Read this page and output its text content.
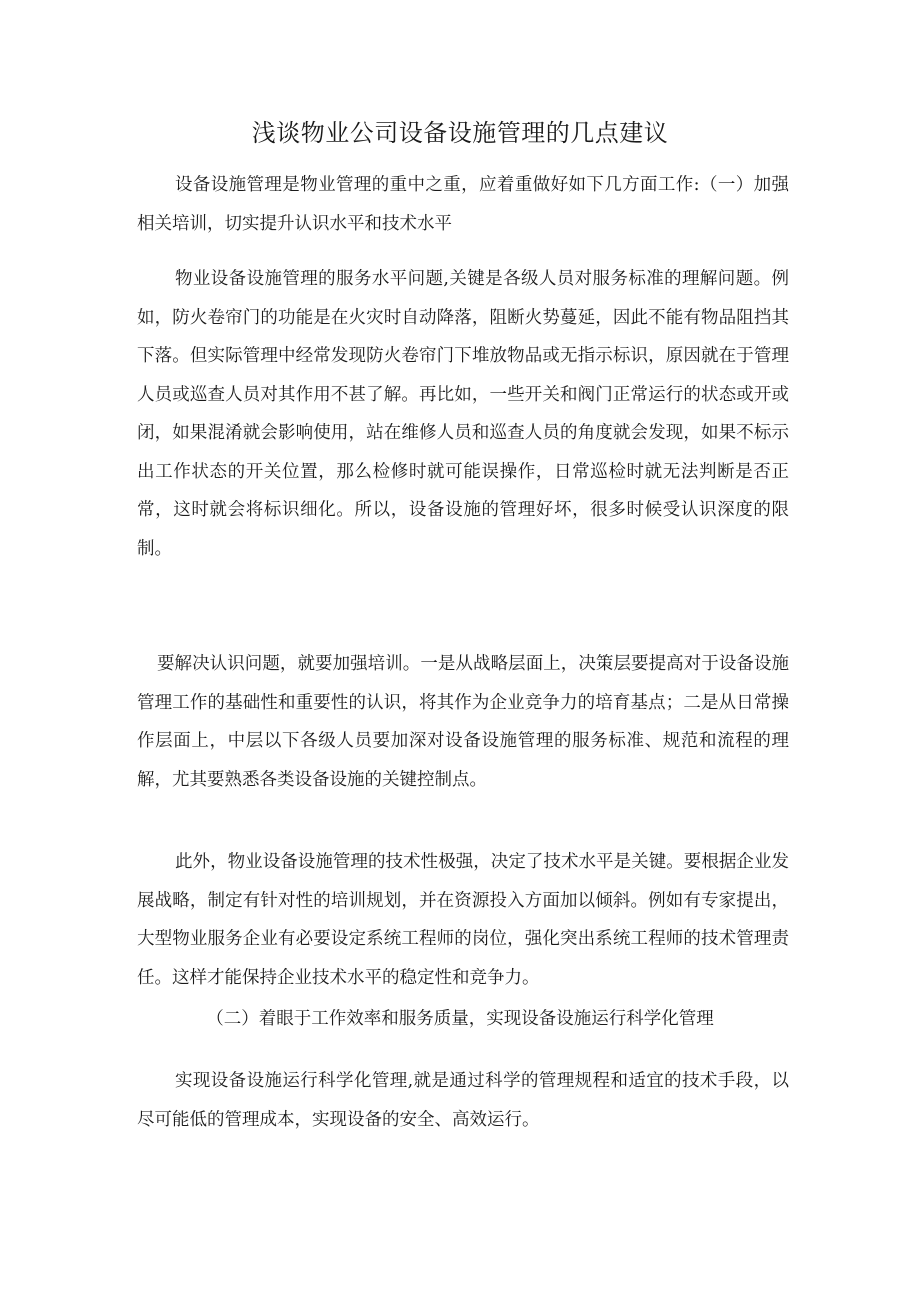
浅谈物业公司设备设施管理的几点建议

设备设施管理是物业管理的重中之重，应着重做好如下几方面工作:（一）加强相关培训，切实提升认识水平和技术水平

物业设备设施管理的服务水平问题,关键是各级人员对服务标准的理解问题。例如，防火卷帘门的功能是在火灾时自动降落，阻断火势蔓延，因此不能有物品阻挡其下落。但实际管理中经常发现防火卷帘门下堆放物品或无指示标识，原因就在于管理人员或巡查人员对其作用不甚了解。再比如，一些开关和阀门正常运行的状态或开或闭，如果混淆就会影响使用，站在维修人员和巡查人员的角度就会发现，如果不标示出工作状态的开关位置，那么检修时就可能误操作，日常巡检时就无法判断是否正常，这时就会将标识细化。所以，设备设施的管理好坏，很多时候受认识深度的限制。

要解决认识问题，就要加强培训。一是从战略层面上，决策层要提高对于设备设施管理工作的基础性和重要性的认识，将其作为企业竞争力的培育基点；二是从日常操作层面上，中层以下各级人员要加深对设备设施管理的服务标准、规范和流程的理解，尤其要熟悉各类设备设施的关键控制点。

此外，物业设备设施管理的技术性极强，决定了技术水平是关键。要根据企业发展战略，制定有针对性的培训规划，并在资源投入方面加以倾斜。例如有专家提出，大型物业服务企业有必要设定系统工程师的岗位，强化突出系统工程师的技术管理责任。这样才能保持企业技术水平的稳定性和竞争力。

（二）着眼于工作效率和服务质量，实现设备设施运行科学化管理

实现设备设施运行科学化管理,就是通过科学的管理规程和适宜的技术手段，以尽可能低的管理成本，实现设备的安全、高效运行。
